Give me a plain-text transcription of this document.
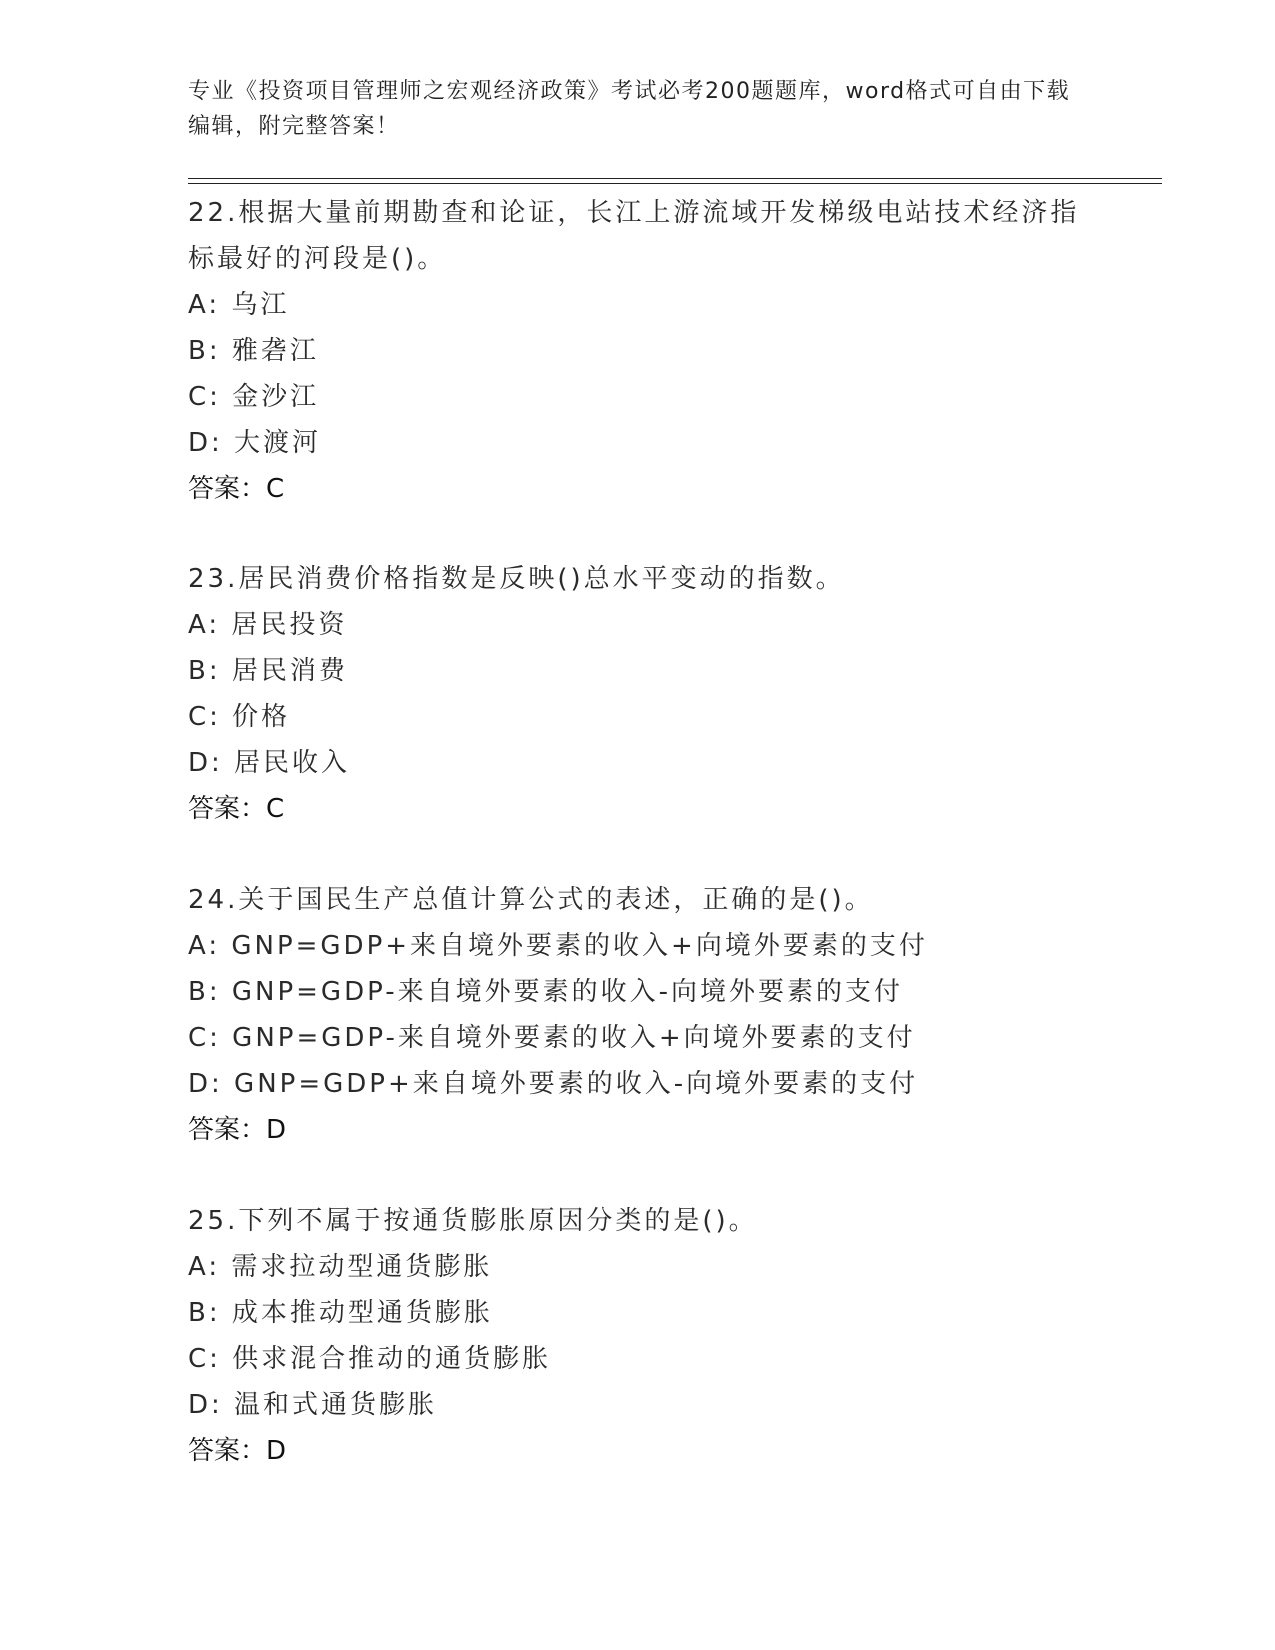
专业《投资项目管理师之宏观经济政策》考试必考200题题库，word格式可自由下载编辑，附完整答案！

22.根据大量前期勘查和论证，长江上游流域开发梯级电站技术经济指标最好的河段是()。

A: 乌江

B: 雅砻江

C: 金沙江

D: 大渡河

答案：C

23.居民消费价格指数是反映()总水平变动的指数。

A: 居民投资

B: 居民消费

C: 价格

D: 居民收入

答案：C

24.关于国民生产总值计算公式的表述，正确的是()。

A: GNP=GDP+来自境外要素的收入+向境外要素的支付

B: GNP=GDP-来自境外要素的收入-向境外要素的支付

C: GNP=GDP-来自境外要素的收入+向境外要素的支付

D: GNP=GDP+来自境外要素的收入-向境外要素的支付

答案：D

25.下列不属于按通货膨胀原因分类的是()。

A: 需求拉动型通货膨胀

B: 成本推动型通货膨胀

C: 供求混合推动的通货膨胀

D: 温和式通货膨胀

答案：D
